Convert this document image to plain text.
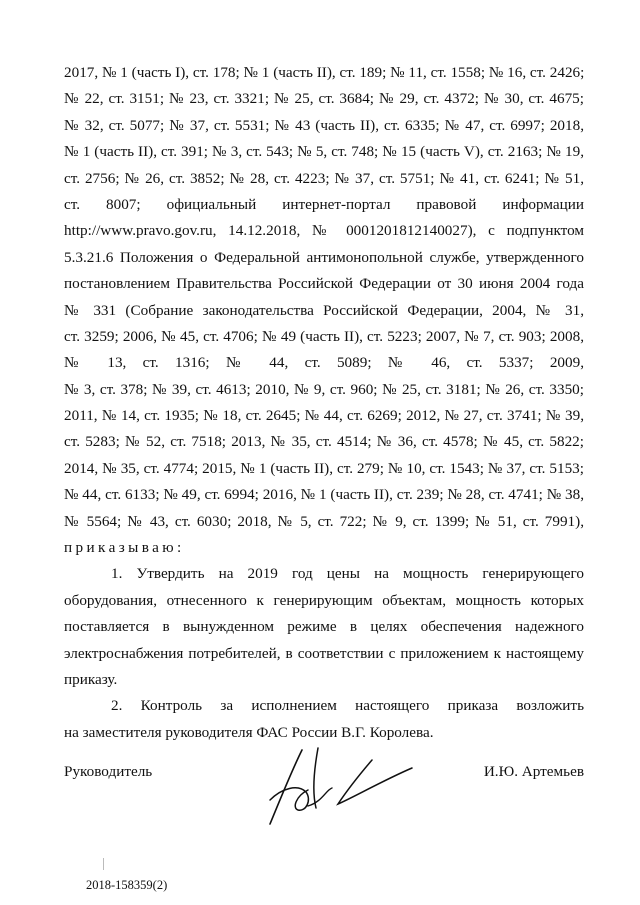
2017, № 1 (часть I), ст. 178; № 1 (часть II), ст. 189; № 11, ст. 1558; № 16, ст. 2426;
№ 22, ст. 3151; № 23, ст. 3321; № 25, ст. 3684; № 29, ст. 4372; № 30, ст. 4675;
№ 32, ст. 5077; № 37, ст. 5531; № 43 (часть II), ст. 6335; № 47, ст. 6997; 2018,
№ 1 (часть II), ст. 391; № 3, ст. 543; № 5, ст. 748; № 15 (часть V), ст. 2163; № 19,
ст. 2756; № 26, ст. 3852; № 28, ст. 4223; № 37, ст. 5751; № 41, ст. 6241; № 51,
ст. 8007; официальный интернет-портал правовой информации
http://www.pravo.gov.ru, 14.12.2018, № 0001201812140027), с подпунктом
5.3.21.6 Положения о Федеральной антимонопольной службе, утвержденного
постановлением Правительства Российской Федерации от 30 июня 2004 года
№ 331 (Собрание законодательства Российской Федерации, 2004, № 31,
ст. 3259; 2006, № 45, ст. 4706; № 49 (часть II), ст. 5223; 2007, № 7, ст. 903; 2008,
№ 13, ст. 1316; № 44, ст. 5089; № 46, ст. 5337; 2009,
№ 3, ст. 378; № 39, ст. 4613; 2010, № 9, ст. 960; № 25, ст. 3181; № 26, ст. 3350;
2011, № 14, ст. 1935; № 18, ст. 2645; № 44, ст. 6269; 2012, № 27, ст. 3741; № 39,
ст. 5283; № 52, ст. 7518; 2013, № 35, ст. 4514; № 36, ст. 4578; № 45, ст. 5822;
2014, № 35, ст. 4774; 2015, № 1 (часть II), ст. 279; № 10, ст. 1543; № 37, ст. 5153;
№ 44, ст. 6133; № 49, ст. 6994; 2016, № 1 (часть II), ст. 239; № 28, ст. 4741; № 38,
№ 5564; № 43, ст. 6030; 2018, № 5, ст. 722; № 9, ст. 1399; № 51, ст. 7991),
приказываю:
1. Утвердить на 2019 год цены на мощность генерирующего
оборудования, отнесенного к генерирующим объектам, мощность которых
поставляется в вынужденном режиме в целях обеспечения надежного
электроснабжения потребителей, в соответствии с приложением к настоящему
приказу.
2. Контроль за исполнением настоящего приказа возложить
на заместителя руководителя ФАС России В.Г. Королева.
Руководитель	И.Ю. Артемьев
2018-158359(2)
